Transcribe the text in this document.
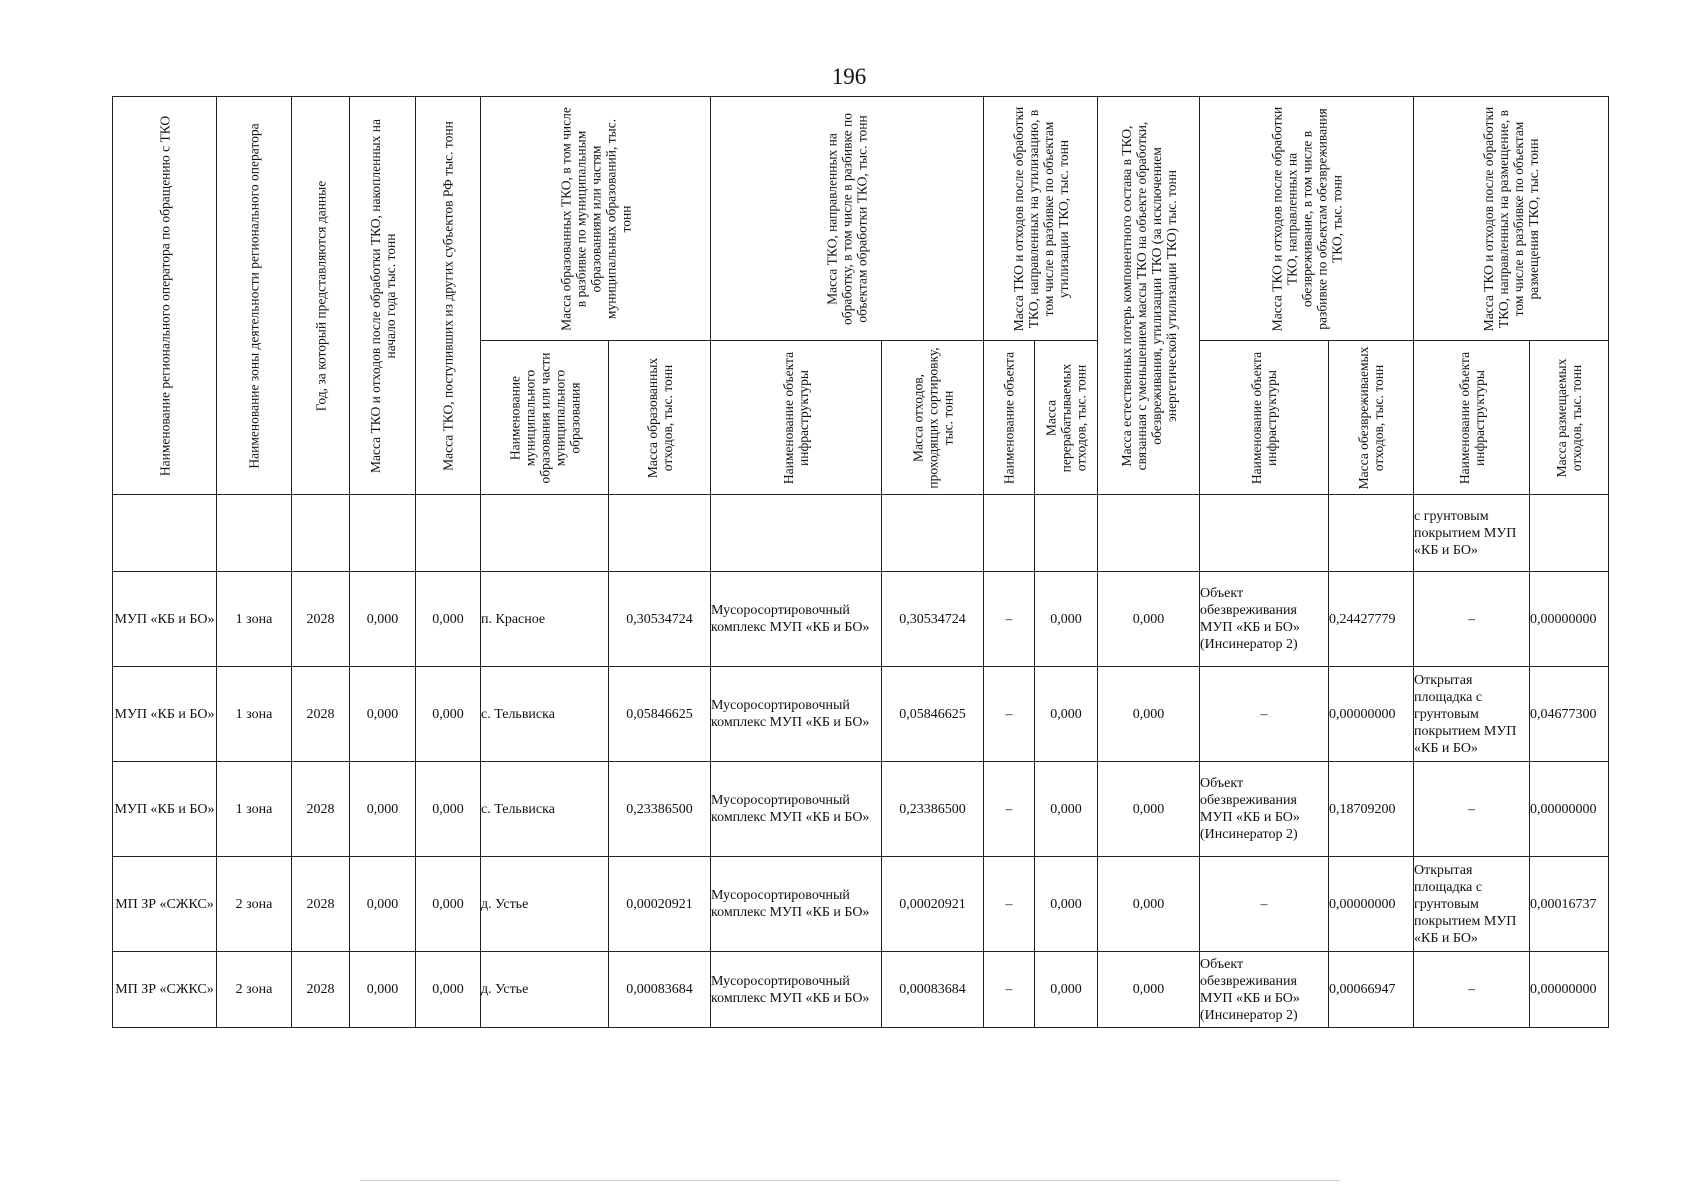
196
Наименование регионального оператора по обращению с ТКО	Наименование зоны деятельности регионального оператора	Год, за который представляются данные	Масса ТКО и отходов после обработки ТКО, накопленных на начало года тыс. тонн	Масса ТКО, поступивших из других субъектов РФ тыс. тонн	Масса образованных ТКО, в том числе в разбивке по муниципальным образованиям или частям муниципальных образований, тыс. тонн		Масса ТКО, направленных на обработку, в том числе в разбивке по объектам обработки ТКО, тыс. тонн		Масса ТКО и отходов после обработки ТКО, направленных на утилизацию, в том числе в разбивке по объектам утилизации ТКО, тыс. тонн		Масса естественных потерь компонентного состава в ТКО, связанная с уменьшением массы ТКО на объекте обработки, обезвреживания, утилизации ТКО (за исключением энергетической утилизации ТКО) тыс. тонн	Масса ТКО и отходов после обработки ТКО, направленных на обезвреживание, в том числе в разбивке по объектам обезвреживания ТКО, тыс. тонн		Масса ТКО и отходов после обработки ТКО, направленных на размещение, в том числе в разбивке по объектам размещения ТКО, тыс. тонн	

					Наименование муниципального образования или части муниципального образования	Масса образованных отходов, тыс. тонн	Наименование объекта инфраструктуры	Масса отходов, проходящих сортировку, тыс. тонн	Наименование объекта	Масса перерабатываемых отходов, тыс. тонн		Наименование объекта инфраструктуры	Масса обезвреживаемых отходов, тыс. тонн	Наименование объекта инфраструктуры	Масса размещаемых отходов, тыс. тонн

														с грунтовым покрытием МУП «КБ и БО»	
МУП «КБ и БО»	1 зона	2028	0,000	0,000	п. Красное	0,30534724	Мусоросортировочный комплекс МУП «КБ и БО»	0,30534724	–	0,000	0,000	Объект обезвреживания МУП «КБ и БО» (Инсинератор 2)	0,24427779	–	0,00000000
МУП «КБ и БО»	1 зона	2028	0,000	0,000	с. Тельвиска	0,05846625	Мусоросортировочный комплекс МУП «КБ и БО»	0,05846625	–	0,000	0,000	–	0,00000000	Открытая площадка с грунтовым покрытием МУП «КБ и БО»	0,04677300
МУП «КБ и БО»	1 зона	2028	0,000	0,000	с. Тельвиска	0,23386500	Мусоросортировочный комплекс МУП «КБ и БО»	0,23386500	–	0,000	0,000	Объект обезвреживания МУП «КБ и БО» (Инсинератор 2)	0,18709200	–	0,00000000
МП ЗР «СЖКС»	2 зона	2028	0,000	0,000	д. Устье	0,00020921	Мусоросортировочный комплекс МУП «КБ и БО»	0,00020921	–	0,000	0,000	–	0,00000000	Открытая площадка с грунтовым покрытием МУП «КБ и БО»	0,00016737
МП ЗР «СЖКС»	2 зона	2028	0,000	0,000	д. Устье	0,00083684	Мусоросортировочный комплекс МУП «КБ и БО»	0,00083684	–	0,000	0,000	Объект обезвреживания МУП «КБ и БО» (Инсинератор 2)	0,00066947	–	0,00000000
